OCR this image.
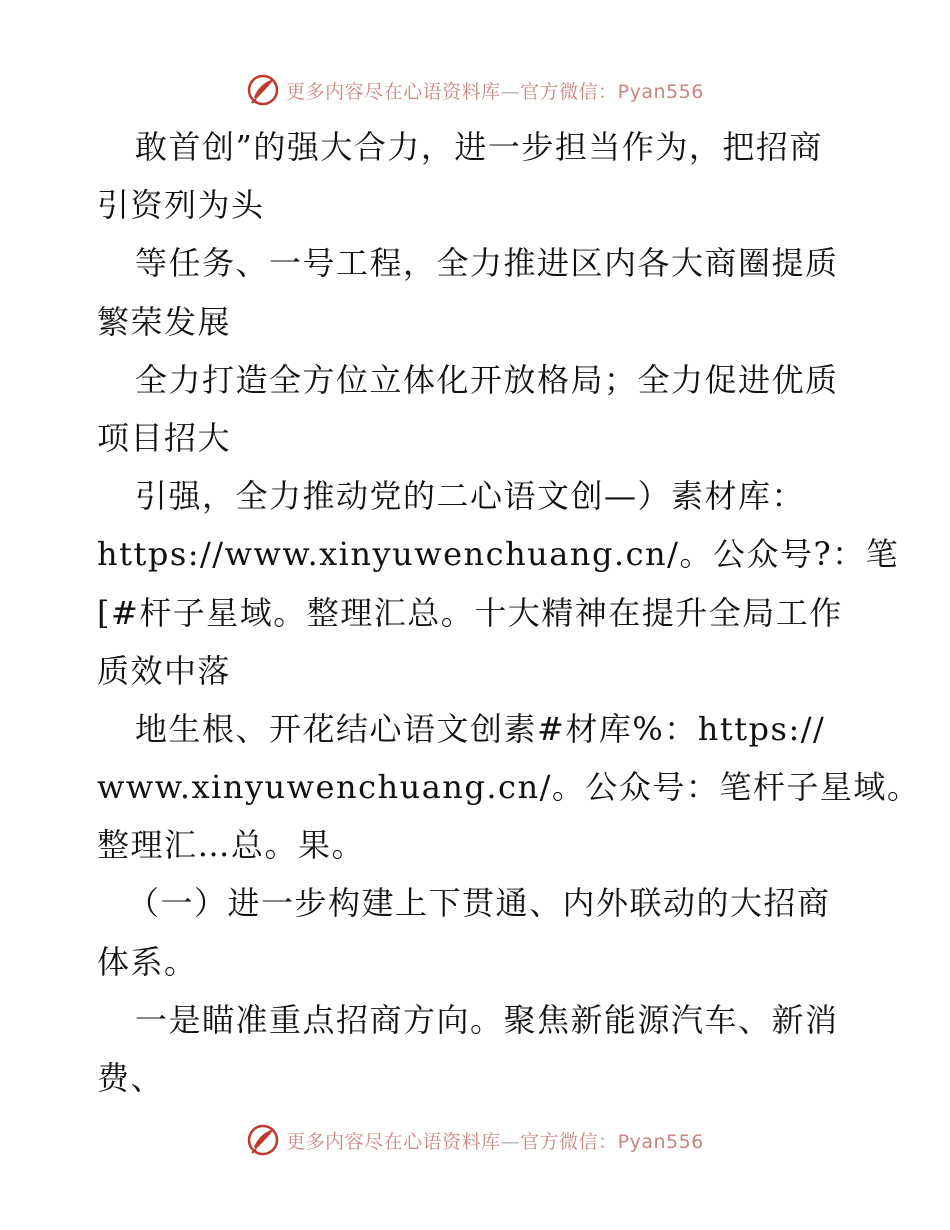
更多内容尽在心语资料库—官方微信：Pyan556
敢首创”的强大合力，进一步担当作为，把招商
引资列为头
等任务、一号工程，全力推进区内各大商圈提质
繁荣发展
全力打造全方位立体化开放格局；全力促进优质
项目招大
引强，全力推动党的二心语文创—）素材库：
https://www.xinyuwenchuang.cn/。公众号?：笔
[#杆子星域。整理汇总。十大精神在提升全局工作
质效中落
地生根、开花结心语文创素#材库%：https://
www.xinyuwenchuang.cn/。公众号：笔杆子星域。
整理汇…总。果。
（一）进一步构建上下贯通、内外联动的大招商
体系。
一是瞄准重点招商方向。聚焦新能源汽车、新消
费、
更多内容尽在心语资料库—官方微信：Pyan556
